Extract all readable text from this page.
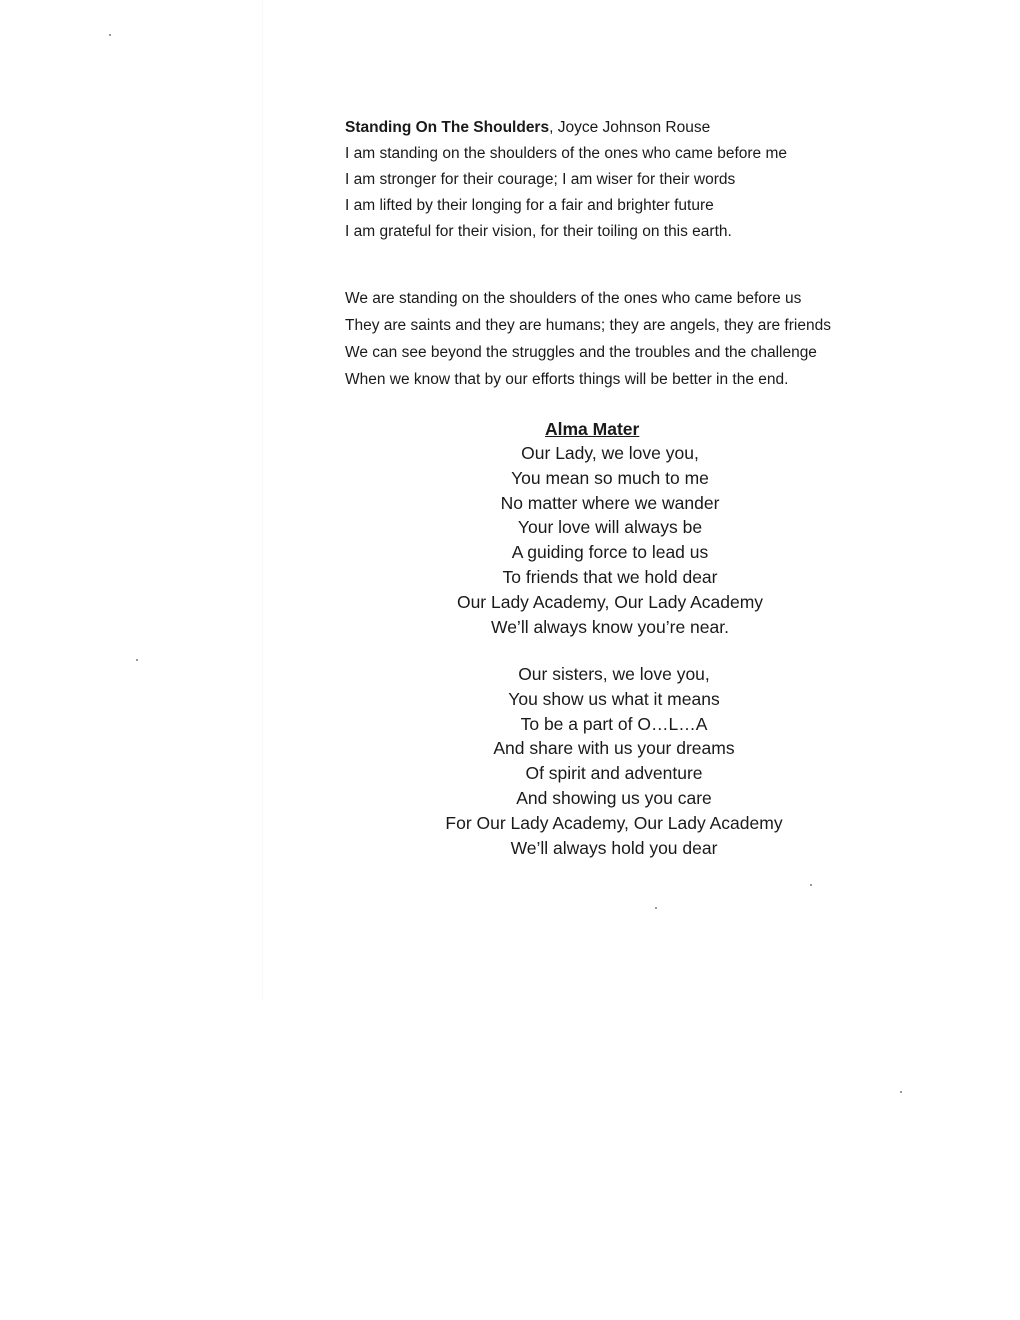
Standing On The Shoulders, Joyce Johnson Rouse
I am standing on the shoulders of the ones who came before me
I am stronger for their courage; I am wiser for their words
I am lifted by their longing for a fair and brighter future
I am grateful for their vision, for their toiling on this earth.
We are standing on the shoulders of the ones who came before us
They are saints and they are humans; they are angels, they are friends
We can see beyond the struggles and the troubles and the challenge
When we know that by our efforts things will be better in the end.
Alma Mater
Our Lady, we love you,
You mean so much to me
No matter where we wander
Your love will always be
A guiding force to lead us
To friends that we hold dear
Our Lady Academy, Our Lady Academy
We’ll always know you’re near.
Our sisters, we love you,
You show us what it means
To be a part of O…L…A
And share with us your dreams
Of spirit and adventure
And showing us you care
For Our Lady Academy, Our Lady Academy
We’ll always hold you dear
